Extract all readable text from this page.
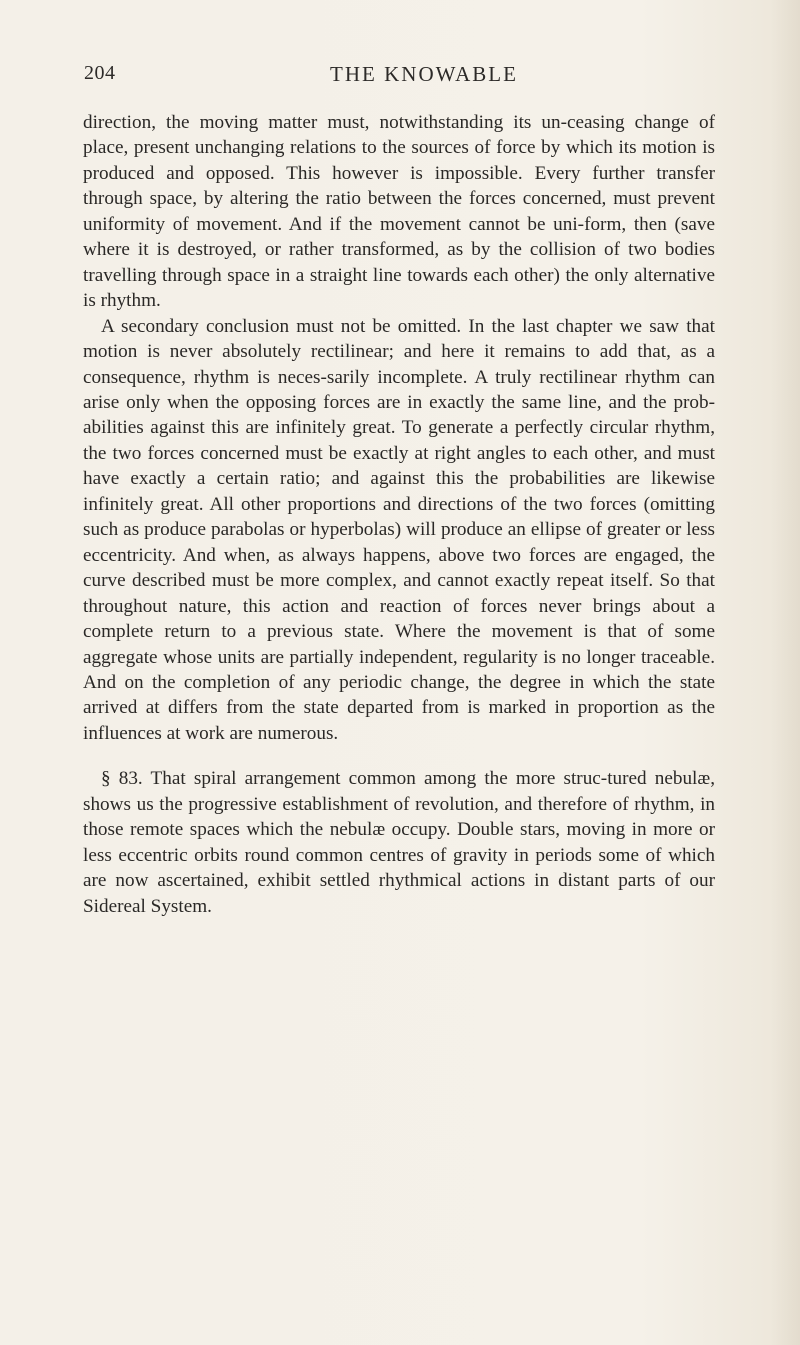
204	THE KNOWABLE

direction, the moving matter must, notwithstanding its un-ceasing change of place, present unchanging relations to the sources of force by which its motion is produced and opposed. This however is impossible. Every further transfer through space, by altering the ratio between the forces concerned, must prevent uniformity of movement. And if the movement cannot be uni-form, then (save where it is destroyed, or rather transformed, as by the collision of two bodies travelling through space in a straight line towards each other) the only alternative is rhythm.

A secondary conclusion must not be omitted. In the last chapter we saw that motion is never absolutely rectilinear; and here it remains to add that, as a consequence, rhythm is neces-sarily incomplete. A truly rectilinear rhythm can arise only when the opposing forces are in exactly the same line, and the prob-abilities against this are infinitely great. To generate a perfectly circular rhythm, the two forces concerned must be exactly at right angles to each other, and must have exactly a certain ratio; and against this the probabilities are likewise infinitely great. All other proportions and directions of the two forces (omitting such as produce parabolas or hyperbolas) will produce an ellipse of greater or less eccentricity. And when, as always happens, above two forces are engaged, the curve described must be more complex, and cannot exactly repeat itself. So that throughout nature, this action and reaction of forces never brings about a complete return to a previous state. Where the movement is that of some aggregate whose units are partially independent, regularity is no longer traceable. And on the completion of any periodic change, the degree in which the state arrived at differs from the state departed from is marked in proportion as the influences at work are numerous.

§ 83. That spiral arrangement common among the more struc-tured nebulæ, shows us the progressive establishment of revolution, and therefore of rhythm, in those remote spaces which the nebulæ occupy. Double stars, moving in more or less eccentric orbits round common centres of gravity in periods some of which are now ascertained, exhibit settled rhythmical actions in distant parts of our Sidereal System.
